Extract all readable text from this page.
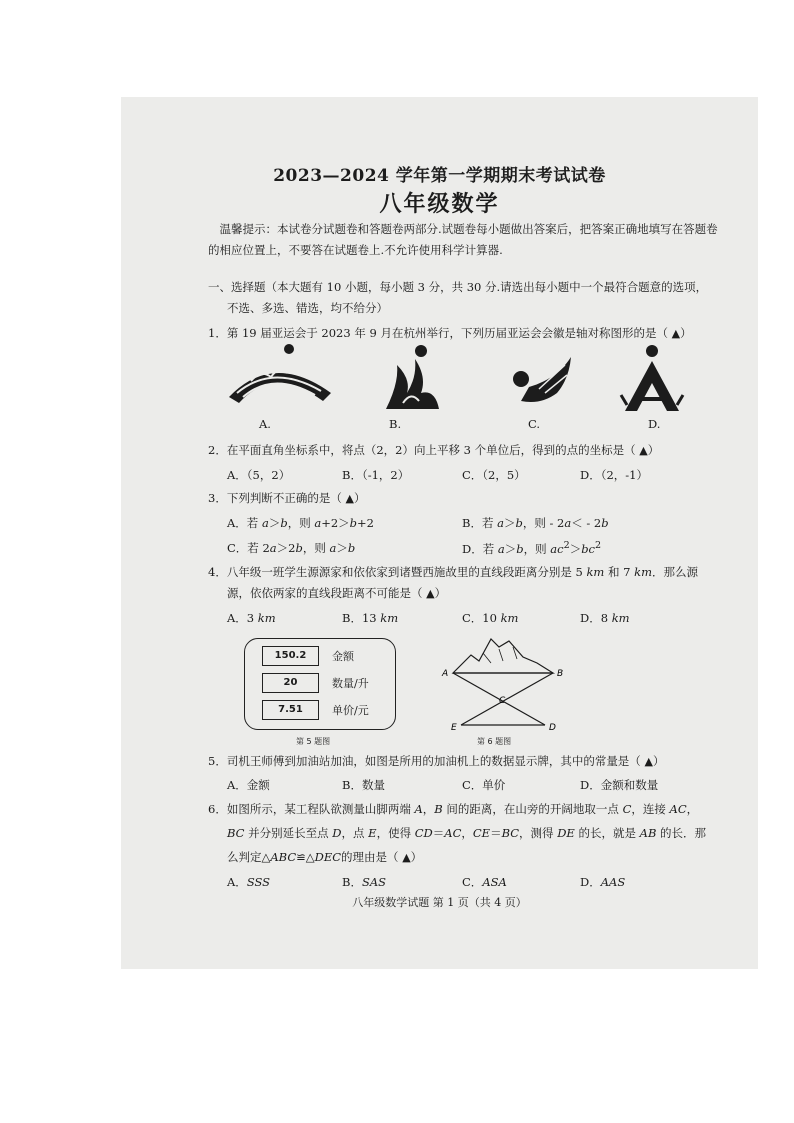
2023—2024 学年第一学期期末考试试卷
八年级数学
温馨提示：本试卷分试题卷和答题卷两部分.试题卷每小题做出答案后，把答案正确地填写在答题卷的相应位置上，不要答在试题卷上.不允许使用科学计算器.
一、选择题（本大题有 10 小题，每小题 3 分，共 30 分.请选出每小题中一个最符合题意的选项，
不选、多选、错选，均不给分）
1．第 19 届亚运会于 2023 年 9 月在杭州举行，下列历届亚运会会徽是轴对称图形的是（ ▲）
A.	B.	C.	D.
2．在平面直角坐标系中，将点（2，2）向上平移 3 个单位后，得到的点的坐标是（ ▲）
A．（5，2）	B．（-1，2）	C．（2，5）	D．（2，-1）
3．下列判断不正确的是（ ▲）
A．若 a＞b，则 a+2＞b+2	B．若 a＞b，则 - 2a＜ - 2b
C．若 2a＞2b，则 a＞b	D．若 a＞b，则 $ac^2>bc^2$
4．八年级一班学生源源家和依依家到诸暨西施故里的直线段距离分别是 5 km 和 7 km．那么源
源，依依两家的直线段距离不可能是（ ▲）
A．3 km	B．13 km	C．10 km	D．8 km
150.2
20
7.51
金额
数量/升
单价/元
第 5 题图
A	B
C
E	D
第 6 题图
5．司机王师傅到加油站加油，如图是所用的加油机上的数据显示牌，其中的常量是（ ▲）
A．金额	B．数量	C．单价	D．金额和数量
6．如图所示，某工程队欲测量山脚两端 A，B 间的距离，在山旁的开阔地取一点 C，连接 AC，
BC 并分别延长至点 D，点 E，使得 CD＝AC，CE＝BC，测得 DE 的长，就是 AB 的长．那
么判定△ABC≌△DEC的理由是（ ▲）
A．SSS	B．SAS	C．ASA	D．AAS
八年级数学试题 第 1 页（共 4 页）
